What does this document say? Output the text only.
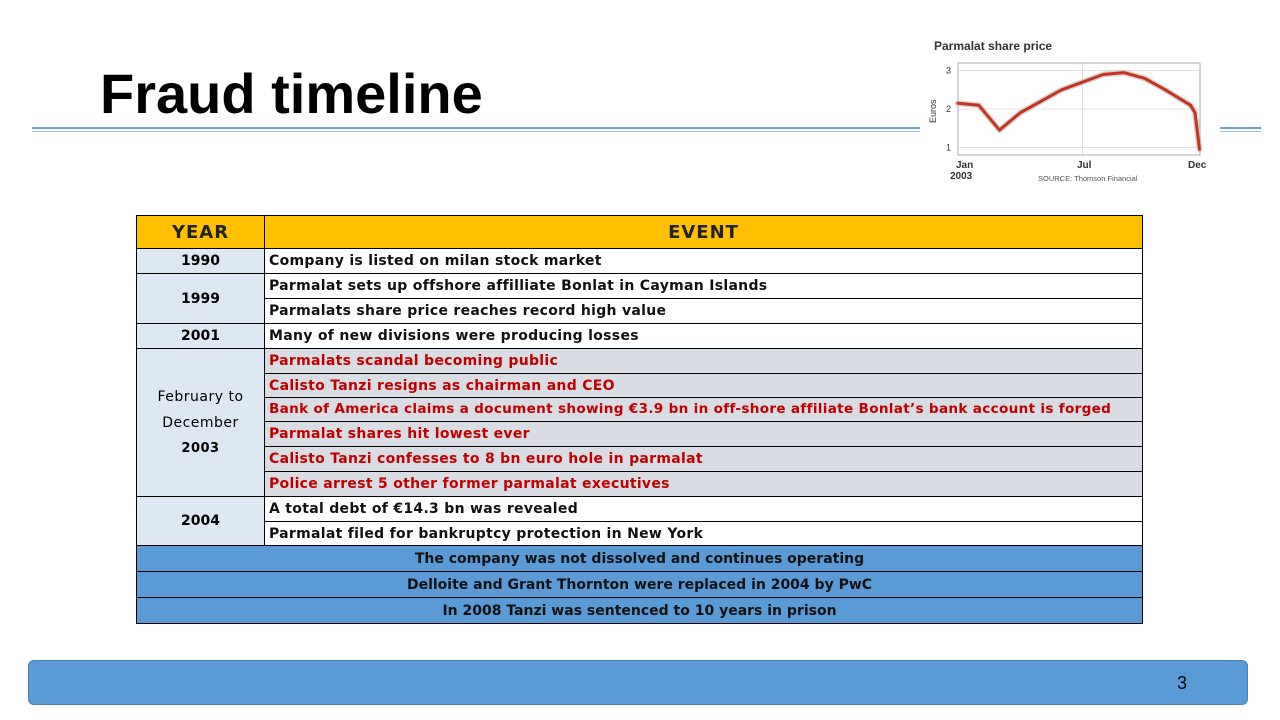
Fraud timeline
Parmalat share price
Euros
3
2
1
Jan
2003
Jul	Dec
SOURCE: Thomson Financial
YEAR	EVENT
1990	Company is listed on milan stock market
1999	Parmalat sets up offshore affilliate Bonlat in Cayman Islands
	Parmalats share price reaches record high value
2001	Many of new divisions were producing losses

February to
December
2003	Parmalats scandal becoming public
	Calisto Tanzi resigns as chairman and CEO
	Bank of America claims a document showing €3.9 bn in off-shore affiliate Bonlat’s bank account is forged
	Parmalat shares hit lowest ever
	Calisto Tanzi confesses to 8 bn euro hole in parmalat
	Police arrest 5 other former parmalat executives
2004	A total debt of €14.3 bn was revealed
	Parmalat filed for bankruptcy protection in New York
The company was not dissolved and continues operating	
Delloite and Grant Thornton were replaced in 2004 by PwC	
In 2008 Tanzi was sentenced to 10 years in prison	
3
